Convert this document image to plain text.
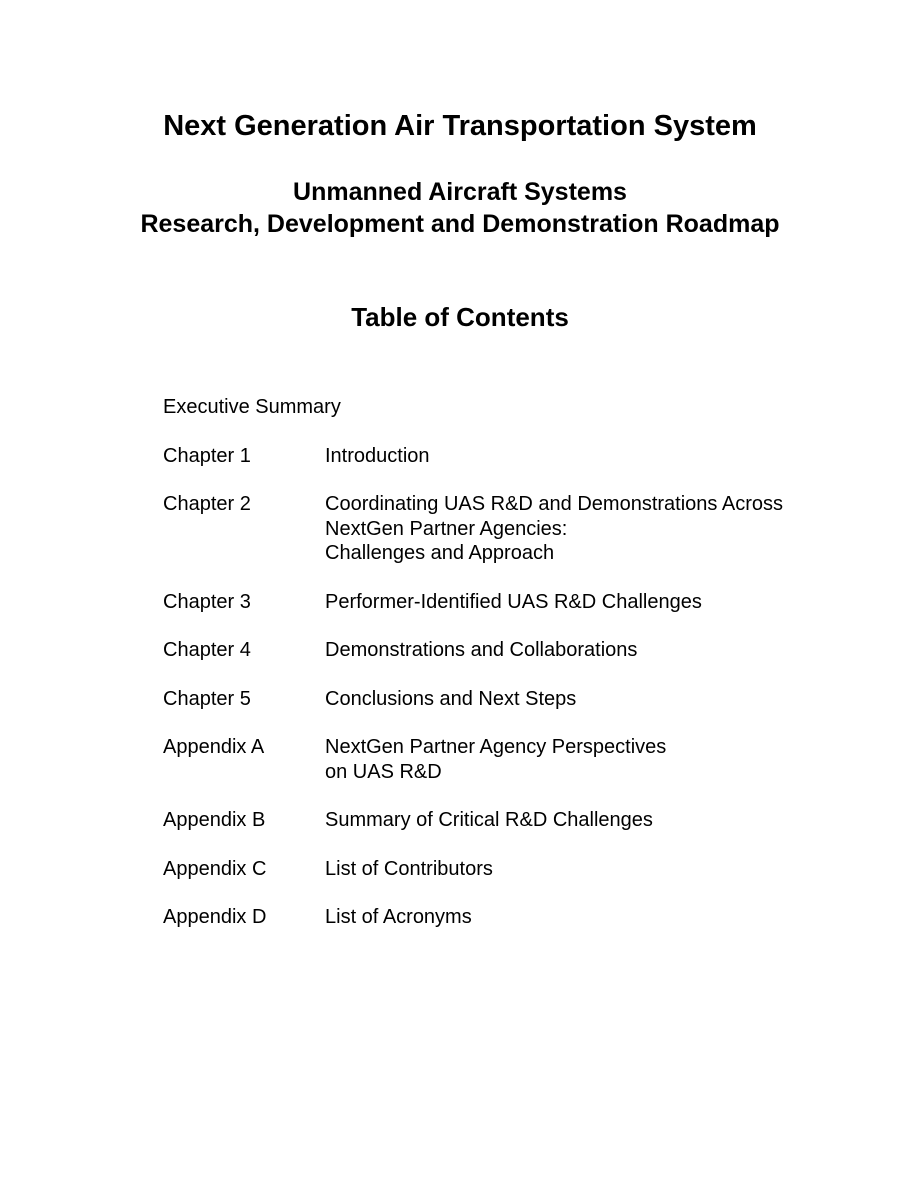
Next Generation Air Transportation System
Unmanned Aircraft Systems
Research, Development and Demonstration Roadmap
Table of Contents
Executive Summary
Chapter 1	Introduction
Chapter 2	Coordinating UAS R&D and Demonstrations Across
NextGen Partner Agencies:
Challenges and Approach
Chapter 3	Performer-Identified UAS R&D Challenges
Chapter 4	Demonstrations and Collaborations
Chapter 5	Conclusions and Next Steps
Appendix A	NextGen Partner Agency Perspectives
on UAS R&D
Appendix B	Summary of Critical R&D Challenges
Appendix C	List of Contributors
Appendix D	List of Acronyms
